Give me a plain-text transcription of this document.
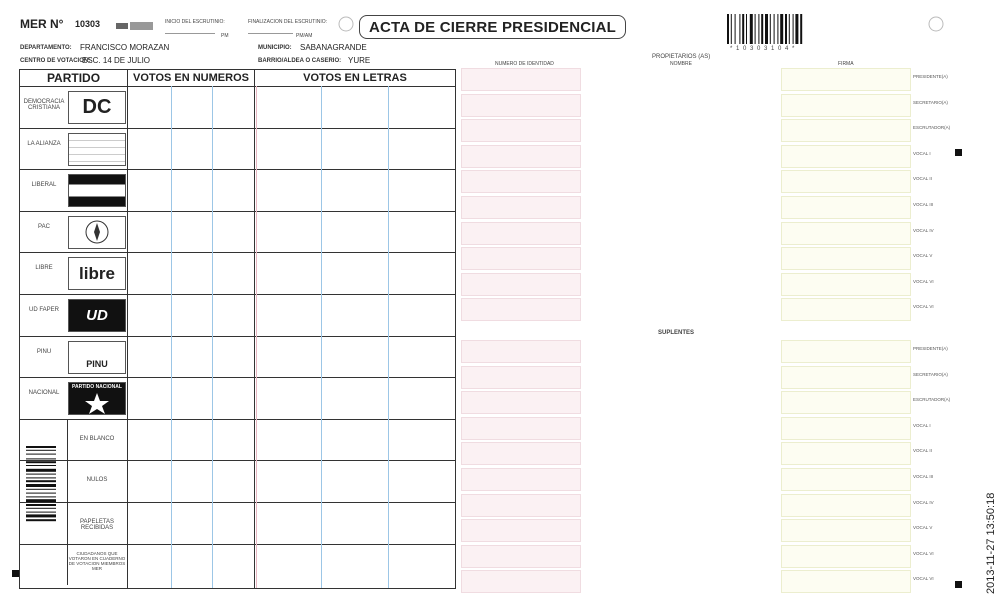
MER N° 10303	INICIO DEL ESCRUTINIO:
PM
FINALIZACION DEL ESCRUTINIO:
PM/AM
ACTA DE CIERRE PRESIDENCIAL
* 1 0 3 0 3 1 0 4 *
DEPARTAMENTO: FRANCISCO MORAZAN	MUNICIPIO: SABANAGRANDE
CENTRO DE VOTACION:
ESC. 14 DE JULIO	BARRIO/ALDEA O CASERIO: YURE
PARTIDO	VOTOS EN NUMEROS	VOTOS EN LETRAS
DEMOCRACIA CRISTIANA	DC
LA ALIANZA
LIBERAL
PAC
LIBRE	libre
UD FAPER	UD
PINU
PINU
NACIONAL
PARTIDO NACIONAL
EN BLANCO
NULOS
PAPELETAS RECIBIDAS
CIUDADANOS QUE VOTARON EN CUADERNO DE VOTACION MIEMBROS MER
NUMERO DE IDENTIDAD
PROPIETARIOS (AS)
NOMBRE	FIRMA
SUPLENTES
PRESIDENTE(A)
SECRETARIO(A)
ESCRUTADOR(A)
VOCAL I
VOCAL II
VOCAL III
VOCAL IV
VOCAL V
VOCAL VI
VOCAL VI
PRESIDENTE(A)
SECRETARIO(A)
ESCRUTADOR(A)
VOCAL I
VOCAL II
VOCAL III
VOCAL IV
VOCAL V
VOCAL VI
VOCAL VI	2013-11-27 13:50:18
